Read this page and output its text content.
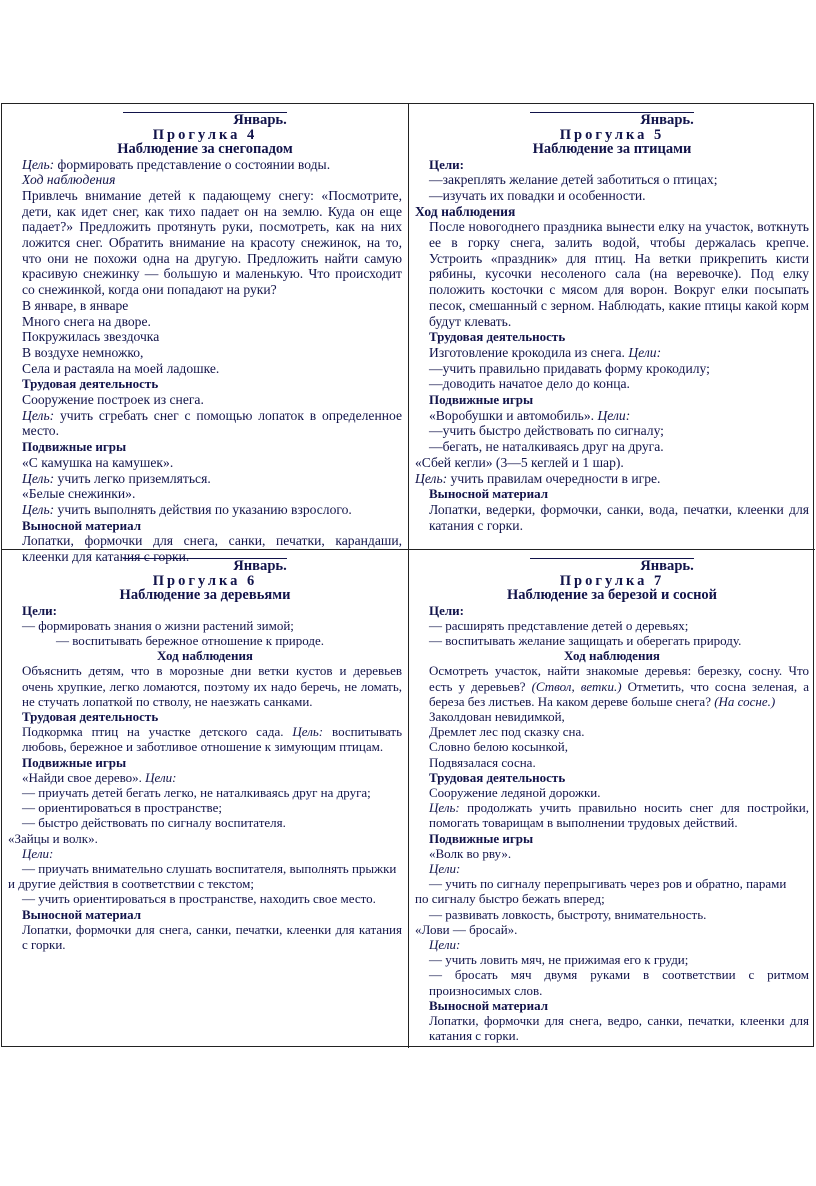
Январь.
Прогулка 4
Наблюдение за снегопадом

Цель: формировать представление о состоянии воды.

Ход наблюдения

Привлечь внимание детей к падающему снегу: «Посмотрите, дети, как идет снег, как тихо падает он на землю. Куда он еще падает?» Предложить протянуть руки, посмотреть, как на них ложится снег. Обратить внимание на красоту снежинок, на то, что они не похожи одна на другую. Предложить найти самую красивую снежинку — большую и маленькую. Что происходит со снежинкой, когда они попадают на руки?

В январе, в январе

Много снега на дворе.

Покружилась звездочка

В воздухе немножко,

Села и растаяла на моей ладошке.

Трудовая деятельность

Сооружение построек из снега.

Цель: учить сгребать снег с помощью лопаток в определенное место.

Подвижные игры

«С камушка на камушек».

Цель: учить легко приземляться.

«Белые снежинки».

Цель: учить выполнять действия по указанию взрослого.

Выносной материал

Лопатки, формочки для снега, санки, печатки, карандаши, клеенки для катания с горки.

Январь.
Прогулка 5
Наблюдение за птицами

Цели:

—закреплять желание детей заботиться о птицах;

—изучать их повадки и особенности.

Ход наблюдения

После новогоднего праздника вынести елку на участок, воткнуть ее в горку снега, залить водой, чтобы держалась крепче. Устроить «праздник» для птиц. На ветки прикрепить кисти рябины, кусочки несоленого сала (на веревочке). Под елку положить косточки с мясом для ворон. Вокруг елки посыпать песок, смешанный с зерном. Наблюдать, какие птицы какой корм будут клевать.

Трудовая деятельность

Изготовление крокодила из снега. Цели:

—учить правильно придавать форму крокодилу;

—доводить начатое дело до конца.

Подвижные игры

«Воробушки и автомобиль». Цели:

—учить быстро действовать по сигналу;

—бегать, не наталкиваясь друг на друга.

«Сбей кегли» (3—5 кеглей и 1 шар).

Цель: учить правилам очередности в игре.

Выносной материал

Лопатки, ведерки, формочки, санки, вода, печатки, клеенки для катания с горки.

Январь.
Прогулка 6
Наблюдение за деревьями

Цели:

— формировать знания о жизни растений зимой;

— воспитывать бережное отношение к природе.

Ход наблюдения

Объяснить детям, что в морозные дни ветки кустов и деревьев очень хрупкие, легко ломаются, поэтому их надо беречь, не ломать, не стучать лопаткой по стволу, не наезжать санками.

Трудовая деятельность

Подкормка птиц на участке детского сада. Цель: воспитывать любовь, бережное и заботливое отношение к зимующим птицам.

Подвижные игры

«Найди свое дерево». Цели:

— приучать детей бегать легко, не наталкиваясь друг на друга;

— ориентироваться в пространстве;

— быстро действовать по сигналу воспитателя.

«Зайцы и волк».

Цели:

— приучать внимательно слушать воспитателя, выполнять прыжки

и другие действия в соответствии с текстом;

— учить ориентироваться в пространстве, находить свое место.

Выносной материал

Лопатки, формочки для снега, санки, печатки, клеенки для катания с горки.

Январь.
Прогулка 7
Наблюдение за березой и сосной

Цели:

— расширять представление детей о деревьях;

— воспитывать желание защищать и оберегать природу.

Ход наблюдения

Осмотреть участок, найти знакомые деревья: березку, сосну. Что есть у деревьев? (Ствол, ветки.) Отметить, что сосна зеленая, а береза без листьев. На каком дереве больше снега? (На сосне.)

Заколдован невидимкой,

Дремлет лес под сказку сна.

Словно белою косынкой,

Подвязалася сосна.

Трудовая деятельность

Сооружение ледяной дорожки.

Цель: продолжать учить правильно носить снег для постройки, помогать товарищам в выполнении трудовых действий.

Подвижные игры

«Волк во рву».

Цели:

— учить по сигналу перепрыгивать через ров и обратно, парами

по сигналу быстро бежать вперед;

— развивать ловкость, быстроту, внимательность.

«Лови — бросай».

Цели:

— учить ловить мяч, не прижимая его к груди;

— бросать мяч двумя руками в соответствии с ритмом произносимых слов.

Выносной материал

Лопатки, формочки для снега, ведро, санки, печатки, клеенки для катания с горки.
